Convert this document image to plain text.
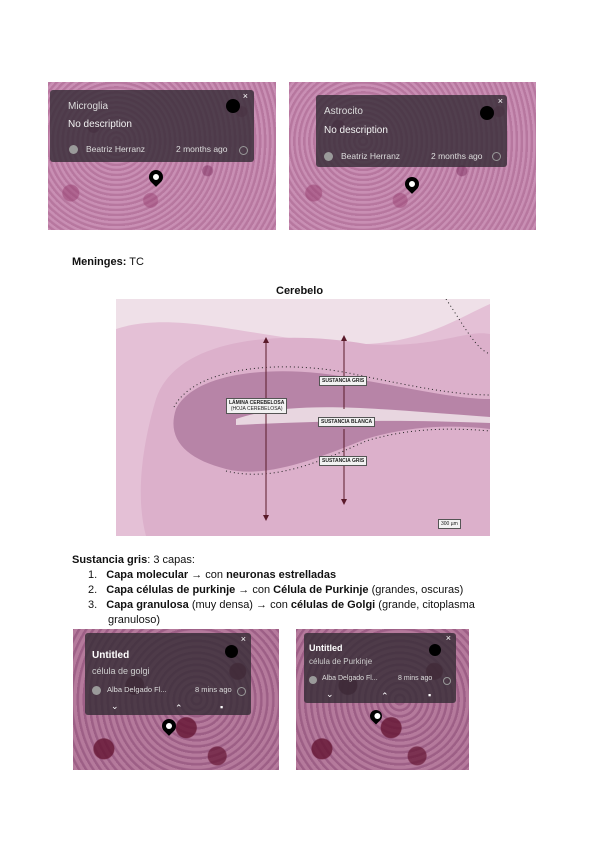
Microglia
×
No description
Beatriz Herranz	2 months ago
Astrocito
×
No description
Beatriz Herranz	2 months ago
Meninges: TC
Cerebelo
LÁMINA CEREBELOSA
(HOJA CEREBELOSA)
SUSTANCIA GRIS
SUSTANCIA BLANCA
SUSTANCIA GRIS
300 µm
Sustancia gris: 3 capas:
1. Capa molecular → con neuronas estrelladas
2. Capa células de purkinje → con Célula de Purkinje (grandes, oscuras)
3. Capa granulosa (muy densa) → con células de Golgi (grande, citoplasma
granuloso)
Untitled
×
célula de golgi
Alba Delgado Fl...	8 mins ago
⌄	⌃	▪
Untitled
×
célula de Purkinje
Alba Delgado Fl...	8 mins ago
⌄	⌃	▪
